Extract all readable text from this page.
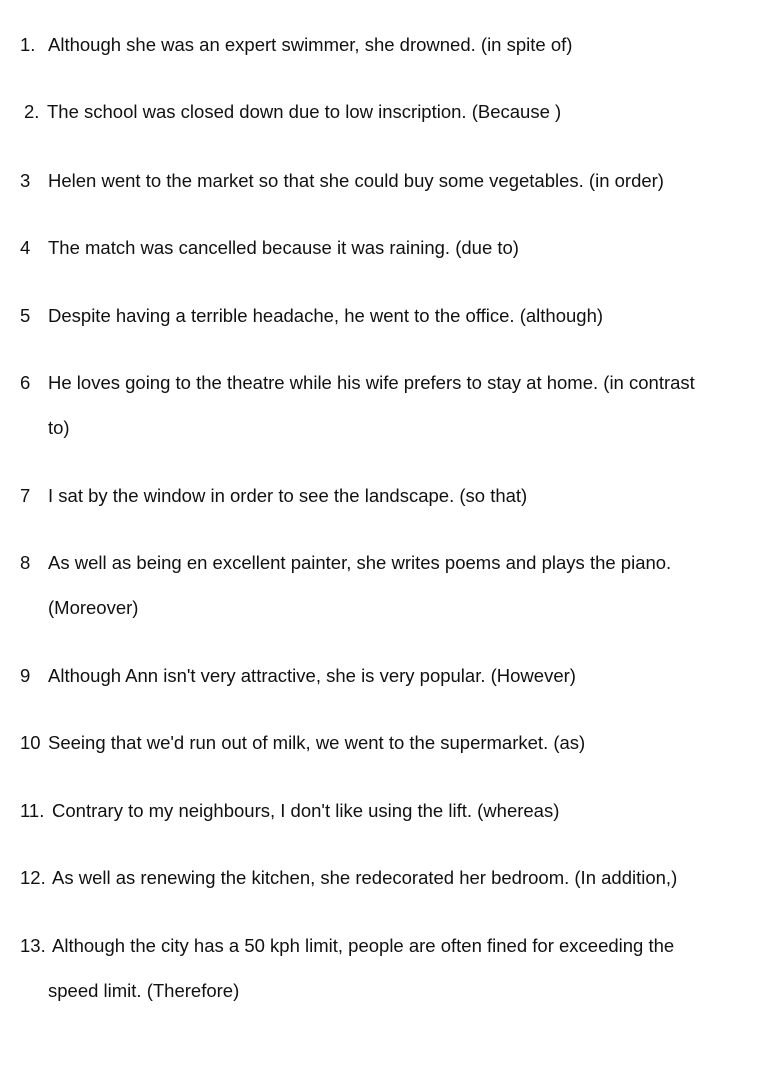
1. Although she was an expert swimmer, she drowned. (in spite of)
2. The school was closed down due to low inscription. (Because )
3 Helen went to the market so that she could buy some vegetables. (in order)
4 The match was cancelled because it was raining. (due to)
5 Despite having a terrible headache, he went to the office. (although)
6 He loves going to the theatre while his wife prefers to stay at home. (in contrast
to)
7 I sat by the window in order to see the landscape. (so that)
8 As well as being en excellent painter, she writes poems and plays the piano.
(Moreover)
9 Although Ann isn't very attractive, she is very popular. (However)
10 Seeing that we'd run out of milk, we went to the supermarket. (as)
11. Contrary to my neighbours, I don't like using the lift. (whereas)
12. As well as renewing the kitchen, she redecorated her bedroom. (In addition,)
13. Although the city has a 50 kph limit, people are often fined for exceeding the
speed limit. (Therefore)
